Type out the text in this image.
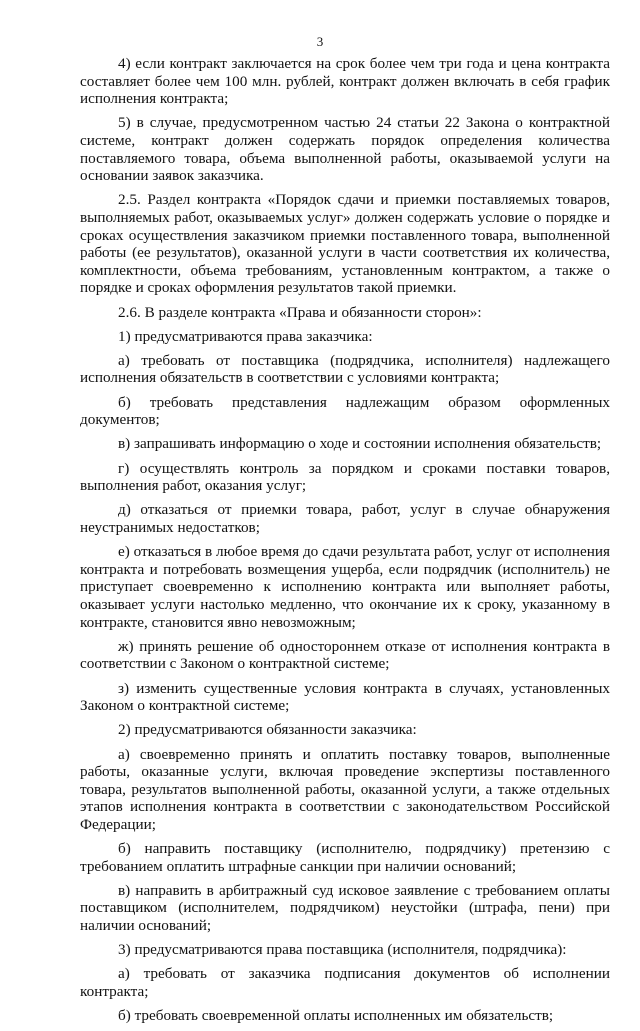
3

4) если контракт заключается на срок более чем три года и цена контракта составляет более чем 100 млн. рублей, контракт должен включать в себя график исполнения контракта;

5) в случае, предусмотренном частью 24 статьи 22 Закона о контрактной системе, контракт должен содержать порядок определения количества поставляемого товара, объема выполненной работы, оказываемой услуги на основании заявок заказчика.

2.5. Раздел контракта «Порядок сдачи и приемки поставляемых товаров, выполняемых работ, оказываемых услуг» должен содержать условие о порядке и сроках осуществления заказчиком приемки поставленного товара, выполненной работы (ее результатов), оказанной услуги в части соответствия их количества, комплектности, объема требованиям, установленным контрактом, а также о порядке и сроках оформления результатов такой приемки.

2.6. В разделе контракта «Права и обязанности сторон»:

1) предусматриваются права заказчика:

а) требовать от поставщика (подрядчика, исполнителя) надлежащего исполнения обязательств в соответствии с условиями контракта;

б) требовать представления надлежащим образом оформленных документов;

в) запрашивать информацию о ходе и состоянии исполнения обязательств;

г) осуществлять контроль за порядком и сроками поставки товаров, выполнения работ, оказания услуг;

д) отказаться от приемки товара, работ, услуг в случае обнаружения неустранимых недостатков;

е) отказаться в любое время до сдачи результата работ, услуг от исполнения контракта и потребовать возмещения ущерба, если подрядчик (исполнитель) не приступает своевременно к исполнению контракта или выполняет работы, оказывает услуги настолько медленно, что окончание их к сроку, указанному в контракте, становится явно невозможным;

ж) принять решение об одностороннем отказе от исполнения контракта в соответствии с Законом о контрактной системе;

з) изменить существенные условия контракта в случаях, установленных Законом о контрактной системе;

2) предусматриваются обязанности заказчика:

а) своевременно принять и оплатить поставку товаров, выполненные работы, оказанные услуги, включая проведение экспертизы поставленного товара, результатов выполненной работы, оказанной услуги, а также отдельных этапов исполнения контракта в соответствии с законодательством Российской Федерации;

б) направить поставщику (исполнителю, подрядчику) претензию с требованием оплатить штрафные санкции при наличии оснований;

в) направить в арбитражный суд исковое заявление с требованием оплаты поставщиком (исполнителем, подрядчиком) неустойки (штрафа, пени) при наличии оснований;

3) предусматриваются права поставщика (исполнителя, подрядчика):

а) требовать от заказчика подписания документов об исполнении контракта;

б) требовать своевременной оплаты исполненных им обязательств;
